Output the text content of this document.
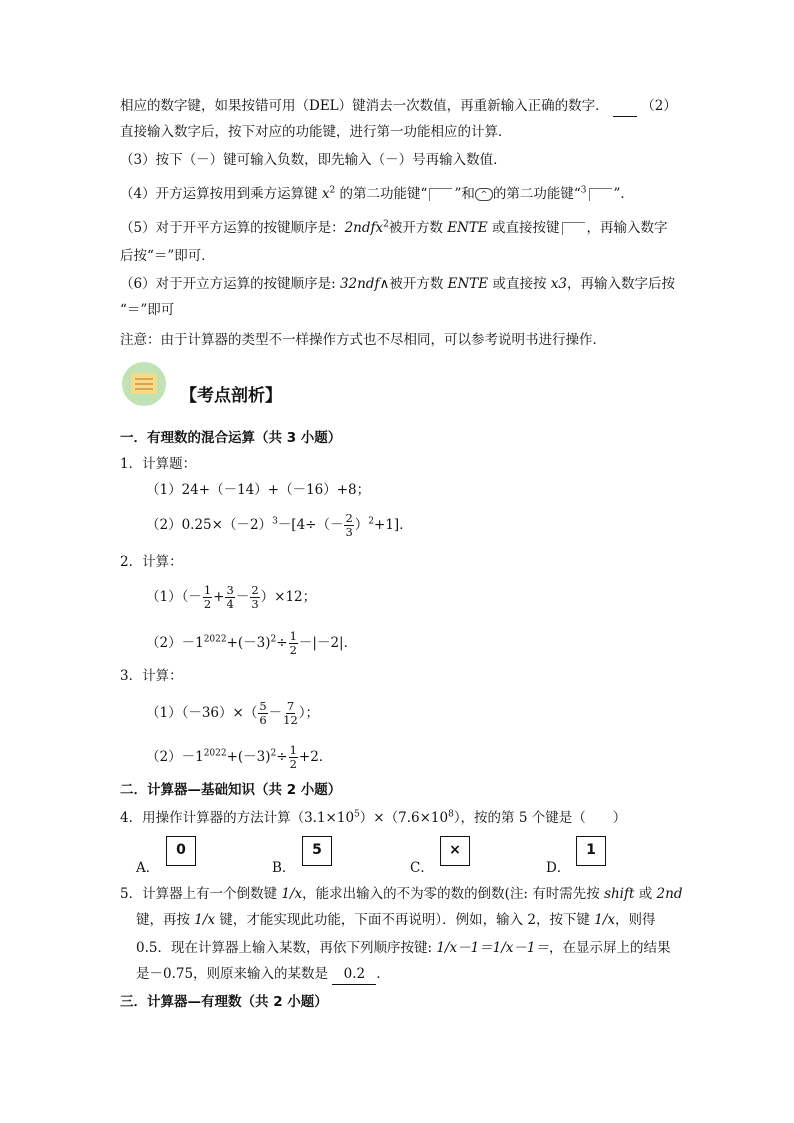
相应的数字键，如果按错可用（DEL）键消去一次数值，再重新输入正确的数字． （2）
直接输入数字后，按下对应的功能键，进行第一功能相应的计算．
（3）按下（－）键可输入负数，即先输入（－）号再输入数值．
（4）开方运算按用到乘方运算键 $x^2$ 的第二功能键“ ”和 ^ 的第二功能键“$^3$ ”．
（5）对于开平方运算的按键顺序是：2ndfx$^2$被开方数 ENTE 或直接按键 ，再输入数字
后按“＝”即可．
（6）对于开立方运算的按键顺序是: 32ndf∧被开方数 ENTE 或直接按 x3，再输入数字后按
“＝”即可
注意：由于计算器的类型不一样操作方式也不尽相同，可以参考说明书进行操作．
【考点剖析】
一．有理数的混合运算（共 3 小题）
1．计算题：
（1）24+（－14）+（－16）+8；
$(2)0.25\times(-2)^3-[4\div(- \frac{2}{3} )^2+1]$．
2．计算：
$(1)(- \frac{1}{2} + \frac{3}{4} - \frac{2}{3} )\times 12$；
$(2)-1^{2022}+(-3)^2\div \frac{1}{2} -|-2|$．
3．计算：
$(1)(-36)\times( \frac{5}{6} - \frac{7}{12}$ ）；
$(2)-1^{2022}+(-3)^2\div \frac{1}{2} +2$．
二．计算器—基础知识（共 2 小题）
4．用操作计算器的方法计算$(3.1\times 10^5)\times(7.6\times 10^8)$，按的第 5 个键是（　　）
A．
0
B．
5
C．
×
D．
1
5．计算器上有一个倒数键 1/x，能求出输入的不为零的数的倒数(注: 有时需先按 shift 或 2nd
键，再按 1/x 键，才能实现此功能，下面不再说明）．例如，输入 2，按下键 1/x，则得
0.5．现在计算器上输入某数，再依下列顺序按键: 1/x－1＝1/x－1＝，在显示屏上的结果
是－0.75，则原来输入的某数是 0.2 ．
三．计算器—有理数（共 2 小题）
